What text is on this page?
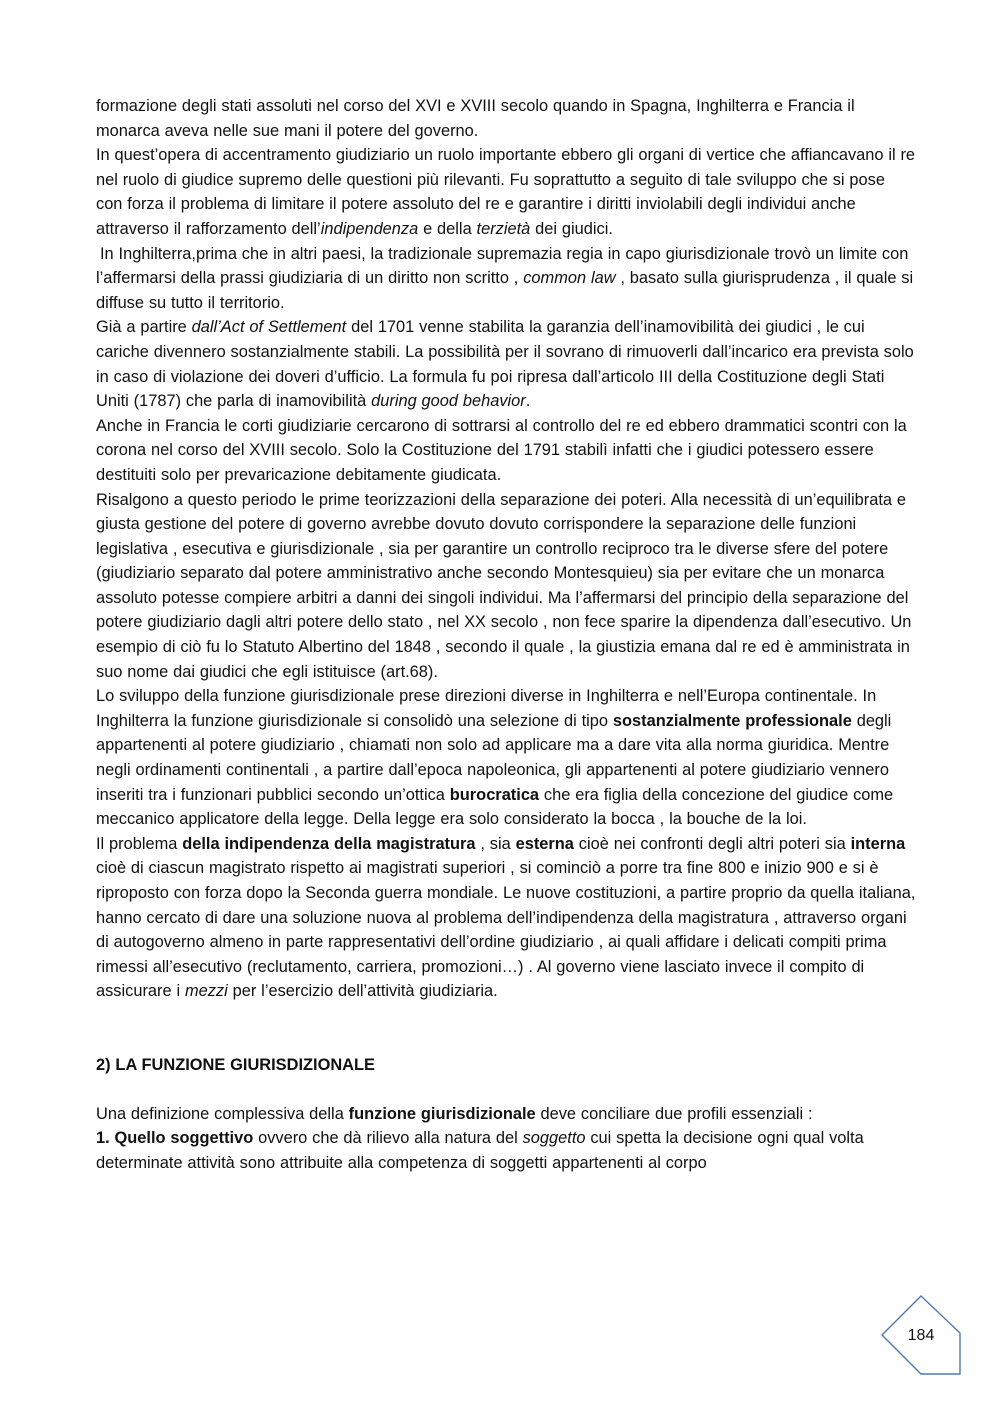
formazione degli stati assoluti nel corso del XVI e XVIII secolo quando in Spagna, Inghilterra e Francia il monarca aveva nelle sue mani il potere del governo.

In quest’opera di accentramento giudiziario un ruolo importante ebbero gli organi di vertice che affiancavano il re nel ruolo di giudice supremo delle questioni più rilevanti. Fu soprattutto a seguito di tale sviluppo che si pose con forza il problema di limitare il potere assoluto del re e garantire i diritti inviolabili degli individui anche attraverso il rafforzamento dell’indipendenza e della terzietà dei giudici.

In Inghilterra,prima che in altri paesi, la tradizionale supremazia regia in capo giurisdizionale trovò un limite con l’affermarsi della prassi giudiziaria di un diritto non scritto , common law , basato sulla giurisprudenza , il quale si diffuse su tutto il territorio.

Già a partire dall’Act of Settlement del 1701 venne stabilita la garanzia dell’inamovibilità dei giudici , le cui cariche divennero sostanzialmente stabili. La possibilità per il sovrano di rimuoverli dall’incarico era prevista solo in caso di violazione dei doveri d’ufficio. La formula fu poi ripresa dall’articolo III della Costituzione degli Stati Uniti (1787) che parla di inamovibilità during good behavior.

Anche in Francia le corti giudiziarie cercarono di sottrarsi al controllo del re ed ebbero drammatici scontri con la corona nel corso del XVIII secolo. Solo la Costituzione del 1791 stabilì infatti che i giudici potessero essere destituiti solo per prevaricazione debitamente giudicata.

Risalgono a questo periodo le prime teorizzazioni della separazione dei poteri. Alla necessità di un’equilibrata e giusta gestione del potere di governo avrebbe dovuto dovuto corrispondere la separazione delle funzioni legislativa , esecutiva e giurisdizionale , sia per garantire un controllo reciproco tra le diverse sfere del potere (giudiziario separato dal potere amministrativo anche secondo Montesquieu) sia per evitare che un monarca assoluto potesse compiere arbitri a danni dei singoli individui. Ma l’affermarsi del principio della separazione del potere giudiziario dagli altri potere dello stato , nel XX secolo , non fece sparire la dipendenza dall’esecutivo. Un esempio di ciò fu lo Statuto Albertino del 1848 , secondo il quale , la giustizia emana dal re ed è amministrata in suo nome dai giudici che egli istituisce (art.68).

Lo sviluppo della funzione giurisdizionale prese direzioni diverse in Inghilterra e nell’Europa continentale. In Inghilterra la funzione giurisdizionale si consolidò una selezione di tipo sostanzialmente professionale degli appartenenti al potere giudiziario , chiamati non solo ad applicare ma a dare vita alla norma giuridica. Mentre negli ordinamenti continentali , a partire dall’epoca napoleonica, gli appartenenti al potere giudiziario vennero inseriti tra i funzionari pubblici secondo un’ottica burocratica che era figlia della concezione del giudice come meccanico applicatore della legge. Della legge era solo considerato la bocca , la bouche de la loi.

Il problema della indipendenza della magistratura , sia esterna cioè nei confronti degli altri poteri sia interna cioè di ciascun magistrato rispetto ai magistrati superiori , si cominciò a porre tra fine 800 e inizio 900 e si è riproposto con forza dopo la Seconda guerra mondiale. Le nuove costituzioni, a partire proprio da quella italiana, hanno cercato di dare una soluzione nuova al problema dell’indipendenza della magistratura , attraverso organi di autogoverno almeno in parte rappresentativi dell’ordine giudiziario , ai quali affidare i delicati compiti prima rimessi all’esecutivo (reclutamento, carriera, promozioni…) . Al governo viene lasciato invece il compito di assicurare i mezzi per l’esercizio dell’attività giudiziaria.

2) LA FUNZIONE GIURISDIZIONALE

Una definizione complessiva della funzione giurisdizionale deve conciliare due profili essenziali :

1. Quello soggettivo ovvero che dà rilievo alla natura del soggetto cui spetta la decisione ogni qual volta determinate attività sono attribuite alla competenza di soggetti appartenenti al corpo

184
